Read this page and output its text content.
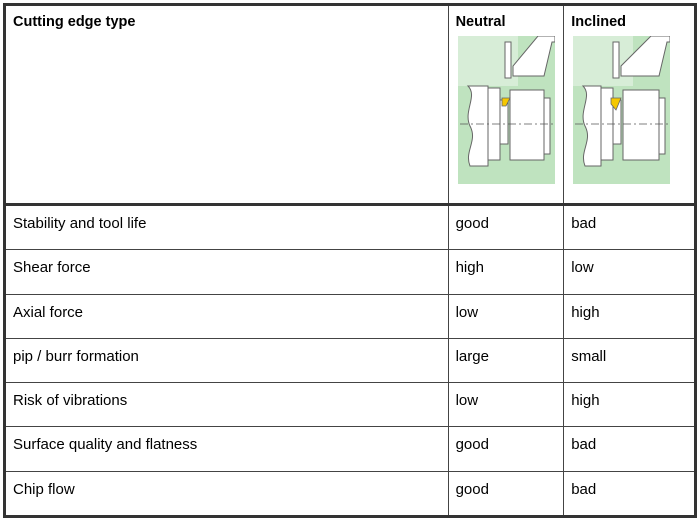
Cutting edge type	Neutral	Inclined

Stability and tool life	good	bad

Shear force	high	low

Axial force	low	high

pip / burr formation	large	small

Risk of vibrations	low	high

Surface quality and flatness	good	bad

Chip flow	good	bad
